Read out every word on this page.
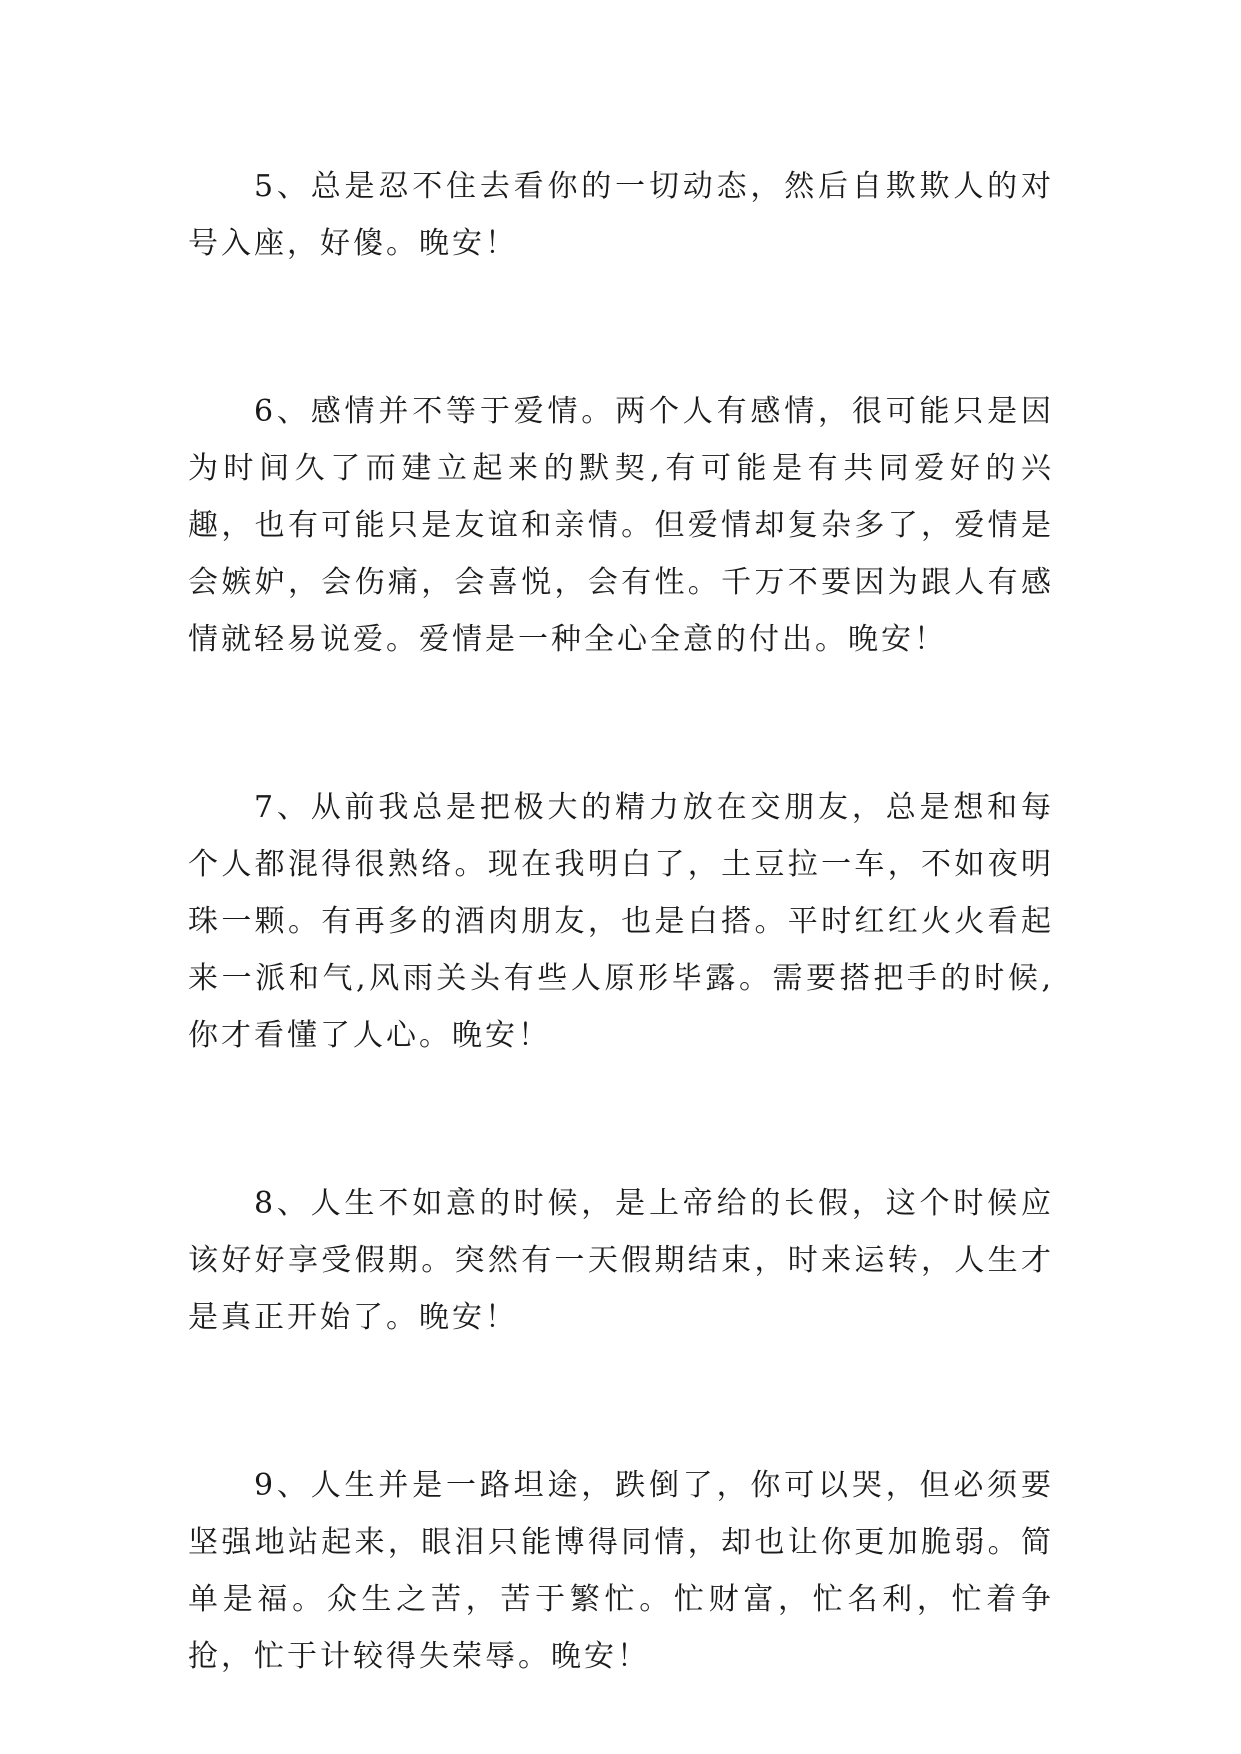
5、总是忍不住去看你的一切动态，然后自欺欺人的对号入座，好傻。晚安！

6、感情并不等于爱情。两个人有感情，很可能只是因为时间久了而建立起来的默契,有可能是有共同爱好的兴趣，也有可能只是友谊和亲情。但爱情却复杂多了，爱情是会嫉妒，会伤痛，会喜悦，会有性。千万不要因为跟人有感情就轻易说爱。爱情是一种全心全意的付出。晚安！

7、从前我总是把极大的精力放在交朋友，总是想和每个人都混得很熟络。现在我明白了，土豆拉一车，不如夜明珠一颗。有再多的酒肉朋友，也是白搭。平时红红火火看起来一派和气,风雨关头有些人原形毕露。需要搭把手的时候,你才看懂了人心。晚安！

8、人生不如意的时候，是上帝给的长假，这个时候应该好好享受假期。突然有一天假期结束，时来运转，人生才是真正开始了。晚安！

9、人生并是一路坦途，跌倒了，你可以哭，但必须要坚强地站起来，眼泪只能博得同情，却也让你更加脆弱。简单是福。众生之苦，苦于繁忙。忙财富，忙名利，忙着争抢，忙于计较得失荣辱。晚安！
